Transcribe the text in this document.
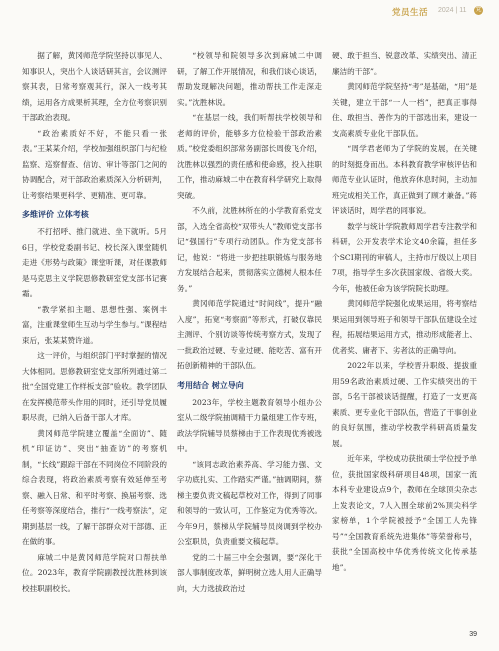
党员生活 2024 | 11 党

据了解，黄冈师范学院坚持以事见人、知事识人，突出个人谈话研其言，会议测评察其表，日常考察观其行，深入一线考其绩，运用各方成果析其理，全方位考察识别干部政治表现。

“政治素质好不好，不能只看一张表。”王某某介绍，学校加强组织部门与纪检监察、巡察督查、信访、审计等部门之间的协调配合，对干部政治素质深入分析研判，让考察结果更科学、更精准、更可靠。

多维评价 立体考核

不打招呼、推门就进、坐下就听。5月6日，学校党委副书记、校长深入课堂随机走进《形势与政策》课堂听课，对任课教师是马克思主义学院思修教研室党支部书记赛霜。

“教学紧扣主题、思想性强、案例丰富，注重课堂师生互动与学生参与。”课程结束后，张某某赞许道。

这一评价，与组织部门平时掌握的情况大体相同。思修教研室党支部所列通过第二批“全国党建工作样板支部”验收。教学团队在发挥模范带头作用的同时，还引导党员履职尽责，已纳入后备干部人才库。

黄冈师范学院建立覆盖“全面访”、随机“印证访”、突出“抽查访”的考察机制，“长线”跟踪干部在不同岗位不同阶段的综合表现，将政治素质考察有效延伸至考察、融入日常、和平时考察、换届考察、选任考察等深度结合，推行“一线考察法”，定期到基层一线，了解干部群众对干部德、正在做的事。

麻城二中是黄冈师范学院对口帮扶单位。2023年，教育学院副教授沈胜林到该校挂职副校长。

“校领导和院领导多次到麻城二中调研，了解工作开展情况，和我们谈心谈话，帮助发现解决问题，推动帮扶工作走深走实。”沈胜林说。

“在基层一线，我们听帮扶学校领导和老师的评价，能够多方位检验干部政治素质。”校党委组织部常务副部长周俊飞介绍，沈胜林以强烈的责任感和使命感，投入挂职工作，推动麻城二中在教育科学研究上取得突破。

不久前，沈胜林所在的小学教育系党支部，入选全省高校“双带头人”教师党支部书记“强国行”专项行动团队。作为党支部书记，他说：“将进一步把挂职锻炼与服务地方发展结合起来，贯彻落实立德树人根本任务。”

黄冈师范学院通过“时间线”，提升“融入度”，拓宽“考察面”等形式，打破仅靠民主测评、个别访谈等传统考察方式，发现了一批政治过硬、专业过硬、能吃苦、富有开拓创新精神的干部队伍。

考用结合 树立导向

2023年，学校主题教育领导小组办公室从二级学院抽调精干力量组建工作专班，政法学院辅导员蔡梯由于工作表现优秀被选中。

“该同志政治素养高、学习能力强、文字功底扎实、工作踏实严谨。”抽调期间，蔡梯主要负责文稿起草校对工作，得到了同事和领导的一致认可，工作鉴定为优秀等次。今年9月，蔡梯从学院辅导员岗调到学校办公室职员，负责重要文稿起草。

党的二十届三中全会强调，要“深化干部人事制度改革，鲜明树立选人用人正确导向，大力选拔政治过

硬、敢于担当、锐意改革、实绩突出、清正廉洁的干部”。

黄冈师范学院坚持“考”是基础，“用”是关键，建立干部“一人一档”，把真正事得住、敢担当、善作为的干部选出来，建设一支高素质专业化干部队伍。

“周学君老师为了学院的发展，在关键的时刻挺身而出。本科教育教学审核评估和师范专业认证时，他放弃休息时间，主动加班完成相关工作，真正做到了顾才兼备。”蒋评谈话时，周学君的同事说。

数学与统计学院教师周学君专注教学和科研，公开发表学术论文40余篇，担任多个SCI期刊的审稿人，主持市厅级以上项目7项，指导学生多次获国家级、省级大奖。今年，他被任命为该学院院长助理。

黄冈师范学院强化成果运用，将考察结果运用到领导班子和领导干部队伍建设全过程，拓展结果运用方式，推动形成能者上、优者奖、庸者下、劣者汰的正确导向。

2022年以来，学校晋升职级、提拔重用59名政治素质过硬、工作实绩突出的干部，5名干部被谈话提醒，打造了一支更高素质、更专业化干部队伍，营造了干事创业的良好氛围，推动学校教学科研高质量发展。

近年来，学校成功获批硕士学位授予单位，获批国家级科研项目48项，国家一流本科专业建设点9个，教师在全球顶尖杂志上发表论文，7人入围全球前2%顶尖科学家榜单，1个学院被授予“全国工人先锋号”“全国教育系统先进集体”等荣誉称号，获批“全国高校中华优秀传统文化传承基地”。

39
